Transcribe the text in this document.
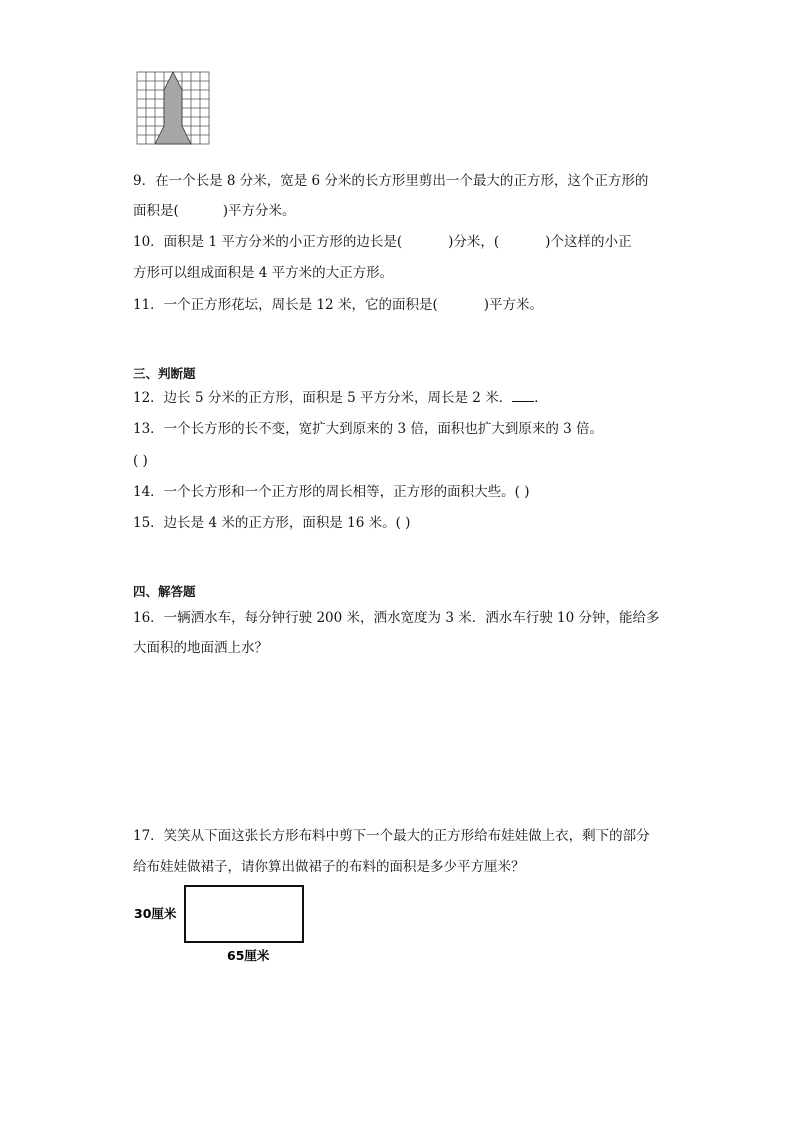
9．在一个长是 8 分米，宽是 6 分米的长方形里剪出一个最大的正方形，这个正方形的
面积是(	)平方分米。
10．面积是 1 平方分米的小正方形的边长是(	)分米，(	)个这样的小正
方形可以组成面积是 4 平方米的大正方形。
11．一个正方形花坛，周长是 12 米，它的面积是(	)平方米。
三、判断题
12．边长 5 分米的正方形，面积是 5 平方分米，周长是 2 米． ．
13．一个长方形的长不变，宽扩大到原来的 3 倍，面积也扩大到原来的 3 倍。
( )
14．一个长方形和一个正方形的周长相等，正方形的面积大些。( )
15．边长是 4 米的正方形，面积是 16 米。( )
四、解答题
16．一辆洒水车，每分钟行驶 200 米，洒水宽度为 3 米．洒水车行驶 10 分钟，能给多
大面积的地面洒上水？
17．笑笑从下面这张长方形布料中剪下一个最大的正方形给布娃娃做上衣，剩下的部分
给布娃娃做裙子，请你算出做裙子的布料的面积是多少平方厘米？
30厘米
65厘米
